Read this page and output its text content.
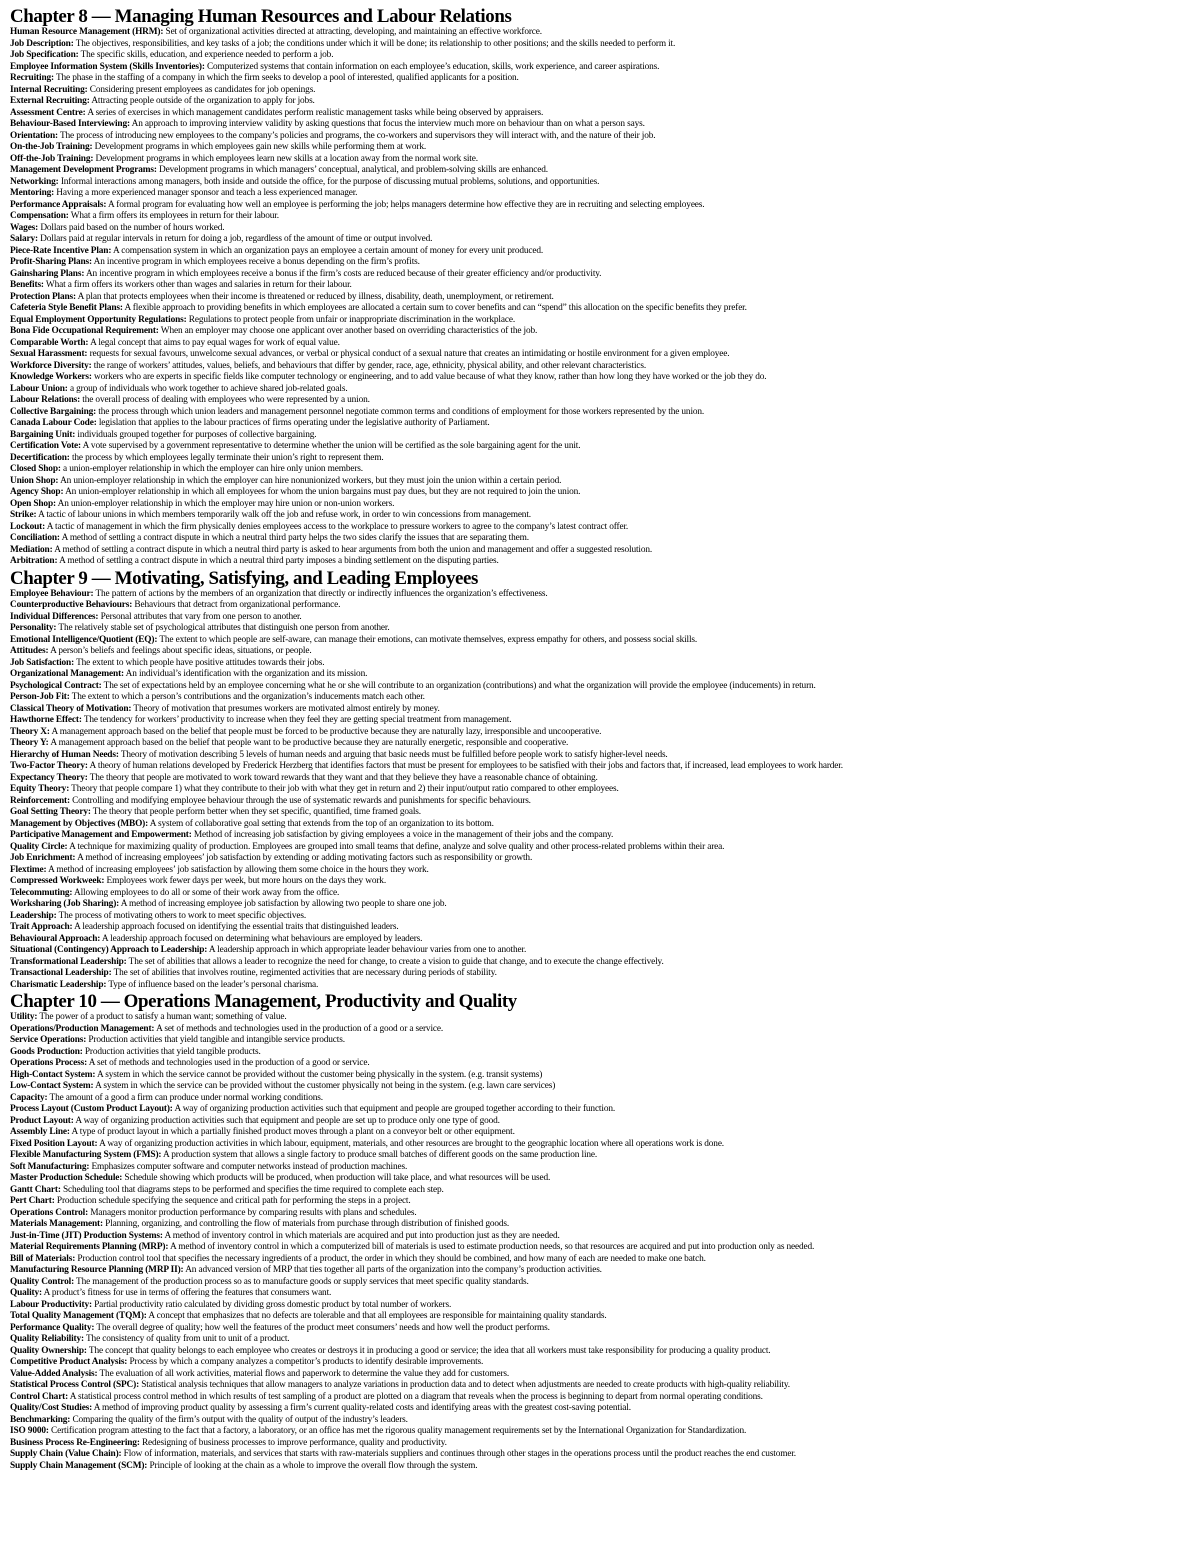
Chapter 8 — Managing Human Resources and Labour Relations
Human Resource Management (HRM): Set of organizational activities directed at attracting, developing, and maintaining an effective workforce.
Job Description: The objectives, responsibilities, and key tasks of a job; the conditions under which it will be done; its relationship to other positions; and the skills needed to perform it.
Job Specification: The specific skills, education, and experience needed to perform a job.
Employee Information System (Skills Inventories): Computerized systems that contain information on each employee’s education, skills, work experience, and career aspirations.
Recruiting: The phase in the staffing of a company in which the firm seeks to develop a pool of interested, qualified applicants for a position.
Internal Recruiting: Considering present employees as candidates for job openings.
External Recruiting: Attracting people outside of the organization to apply for jobs.
Assessment Centre: A series of exercises in which management candidates perform realistic management tasks while being observed by appraisers.
Behaviour-Based Interviewing: An approach to improving interview validity by asking questions that focus the interview much more on behaviour than on what a person says.
Orientation: The process of introducing new employees to the company’s policies and programs, the co-workers and supervisors they will interact with, and the nature of their job.
On-the-Job Training: Development programs in which employees gain new skills while performing them at work.
Off-the-Job Training: Development programs in which employees learn new skills at a location away from the normal work site.
Management Development Programs: Development programs in which managers’ conceptual, analytical, and problem-solving skills are enhanced.
Networking: Informal interactions among managers, both inside and outside the office, for the purpose of discussing mutual problems, solutions, and opportunities.
Mentoring: Having a more experienced manager sponsor and teach a less experienced manager.
Performance Appraisals: A formal program for evaluating how well an employee is performing the job; helps managers determine how effective they are in recruiting and selecting employees.
Compensation: What a firm offers its employees in return for their labour.
Wages: Dollars paid based on the number of hours worked.
Salary: Dollars paid at regular intervals in return for doing a job, regardless of the amount of time or output involved.
Piece-Rate Incentive Plan: A compensation system in which an organization pays an employee a certain amount of money for every unit produced.
Profit-Sharing Plans: An incentive program in which employees receive a bonus depending on the firm’s profits.
Gainsharing Plans: An incentive program in which employees receive a bonus if the firm’s costs are reduced because of their greater efficiency and/or productivity.
Benefits: What a firm offers its workers other than wages and salaries in return for their labour.
Protection Plans: A plan that protects employees when their income is threatened or reduced by illness, disability, death, unemployment, or retirement.
Cafeteria Style Benefit Plans: A flexible approach to providing benefits in which employees are allocated a certain sum to cover benefits and can “spend” this allocation on the specific benefits they prefer.
Equal Employment Opportunity Regulations: Regulations to protect people from unfair or inappropriate discrimination in the workplace.
Bona Fide Occupational Requirement: When an employer may choose one applicant over another based on overriding characteristics of the job.
Comparable Worth: A legal concept that aims to pay equal wages for work of equal value.
Sexual Harassment: requests for sexual favours, unwelcome sexual advances, or verbal or physical conduct of a sexual nature that creates an intimidating or hostile environment for a given employee.
Workforce Diversity: the range of workers’ attitudes, values, beliefs, and behaviours that differ by gender, race, age, ethnicity, physical ability, and other relevant characteristics.
Knowledge Workers: workers who are experts in specific fields like computer technology or engineering, and to add value because of what they know, rather than how long they have worked or the job they do.
Labour Union: a group of individuals who work together to achieve shared job-related goals.
Labour Relations: the overall process of dealing with employees who were represented by a union.
Collective Bargaining: the process through which union leaders and management personnel negotiate common terms and conditions of employment for those workers represented by the union.
Canada Labour Code: legislation that applies to the labour practices of firms operating under the legislative authority of Parliament.
Bargaining Unit: individuals grouped together for purposes of collective bargaining.
Certification Vote: A vote supervised by a government representative to determine whether the union will be certified as the sole bargaining agent for the unit.
Decertification: the process by which employees legally terminate their union’s right to represent them.
Closed Shop: a union-employer relationship in which the employer can hire only union members.
Union Shop: An union-employer relationship in which the employer can hire nonunionized workers, but they must join the union within a certain period.
Agency Shop: An union-employer relationship in which all employees for whom the union bargains must pay dues, but they are not required to join the union.
Open Shop: An union-employer relationship in which the employer may hire union or non-union workers.
Strike: A tactic of labour unions in which members temporarily walk off the job and refuse work, in order to win concessions from management.
Lockout: A tactic of management in which the firm physically denies employees access to the workplace to pressure workers to agree to the company’s latest contract offer.
Conciliation: A method of settling a contract dispute in which a neutral third party helps the two sides clarify the issues that are separating them.
Mediation: A method of settling a contract dispute in which a neutral third party is asked to hear arguments from both the union and management and offer a suggested resolution.
Arbitration: A method of settling a contract dispute in which a neutral third party imposes a binding settlement on the disputing parties.
Chapter 9 — Motivating, Satisfying, and Leading Employees
Employee Behaviour: The pattern of actions by the members of an organization that directly or indirectly influences the organization’s effectiveness.
Counterproductive Behaviours: Behaviours that detract from organizational performance.
Individual Differences: Personal attributes that vary from one person to another.
Personality: The relatively stable set of psychological attributes that distinguish one person from another.
Emotional Intelligence/Quotient (EQ): The extent to which people are self-aware, can manage their emotions, can motivate themselves, express empathy for others, and possess social skills.
Attitudes: A person’s beliefs and feelings about specific ideas, situations, or people.
Job Satisfaction: The extent to which people have positive attitudes towards their jobs.
Organizational Management: An individual’s identification with the organization and its mission.
Psychological Contract: The set of expectations held by an employee concerning what he or she will contribute to an organization (contributions) and what the organization will provide the employee (inducements) in return.
Person-Job Fit: The extent to which a person’s contributions and the organization’s inducements match each other.
Classical Theory of Motivation: Theory of motivation that presumes workers are motivated almost entirely by money.
Hawthorne Effect: The tendency for workers’ productivity to increase when they feel they are getting special treatment from management.
Theory X: A management approach based on the belief that people must be forced to be productive because they are naturally lazy, irresponsible and uncooperative.
Theory Y: A management approach based on the belief that people want to be productive because they are naturally energetic, responsible and cooperative.
Hierarchy of Human Needs: Theory of motivation describing 5 levels of human needs and arguing that basic needs must be fulfilled before people work to satisfy higher-level needs.
Two-Factor Theory: A theory of human relations developed by Frederick Herzberg that identifies factors that must be present for employees to be satisfied with their jobs and factors that, if increased, lead employees to work harder.
Expectancy Theory: The theory that people are motivated to work toward rewards that they want and that they believe they have a reasonable chance of obtaining.
Equity Theory: Theory that people compare 1) what they contribute to their job with what they get in return and 2) their input/output ratio compared to other employees.
Reinforcement: Controlling and modifying employee behaviour through the use of systematic rewards and punishments for specific behaviours.
Goal Setting Theory: The theory that people perform better when they set specific, quantified, time framed goals.
Management by Objectives (MBO): A system of collaborative goal setting that extends from the top of an organization to its bottom.
Participative Management and Empowerment: Method of increasing job satisfaction by giving employees a voice in the management of their jobs and the company.
Quality Circle: A technique for maximizing quality of production. Employees are grouped into small teams that define, analyze and solve quality and other process-related problems within their area.
Job Enrichment: A method of increasing employees’ job satisfaction by extending or adding motivating factors such as responsibility or growth.
Flextime: A method of increasing employees’ job satisfaction by allowing them some choice in the hours they work.
Compressed Workweek: Employees work fewer days per week, but more hours on the days they work.
Telecommuting: Allowing employees to do all or some of their work away from the office.
Worksharing (Job Sharing): A method of increasing employee job satisfaction by allowing two people to share one job.
Leadership: The process of motivating others to work to meet specific objectives.
Trait Approach: A leadership approach focused on identifying the essential traits that distinguished leaders.
Behavioural Approach: A leadership approach focused on determining what behaviours are employed by leaders.
Situational (Contingency) Approach to Leadership: A leadership approach in which appropriate leader behaviour varies from one to another.
Transformational Leadership: The set of abilities that allows a leader to recognize the need for change, to create a vision to guide that change, and to execute the change effectively.
Transactional Leadership: The set of abilities that involves routine, regimented activities that are necessary during periods of stability.
Charismatic Leadership: Type of influence based on the leader’s personal charisma.
Chapter 10 — Operations Management, Productivity and Quality
Utility: The power of a product to satisfy a human want; something of value.
Operations/Production Management: A set of methods and technologies used in the production of a good or a service.
Service Operations: Production activities that yield tangible and intangible service products.
Goods Production: Production activities that yield tangible products.
Operations Process: A set of methods and technologies used in the production of a good or service.
High-Contact System: A system in which the service cannot be provided without the customer being physically in the system. (e.g. transit systems)
Low-Contact System: A system in which the service can be provided without the customer physically not being in the system. (e.g. lawn care services)
Capacity: The amount of a good a firm can produce under normal working conditions.
Process Layout (Custom Product Layout): A way of organizing production activities such that equipment and people are grouped together according to their function.
Product Layout: A way of organizing production activities such that equipment and people are set up to produce only one type of good.
Assembly Line: A type of product layout in which a partially finished product moves through a plant on a conveyor belt or other equipment.
Fixed Position Layout: A way of organizing production activities in which labour, equipment, materials, and other resources are brought to the geographic location where all operations work is done.
Flexible Manufacturing System (FMS): A production system that allows a single factory to produce small batches of different goods on the same production line.
Soft Manufacturing: Emphasizes computer software and computer networks instead of production machines.
Master Production Schedule: Schedule showing which products will be produced, when production will take place, and what resources will be used.
Gantt Chart: Scheduling tool that diagrams steps to be performed and specifies the time required to complete each step.
Pert Chart: Production schedule specifying the sequence and critical path for performing the steps in a project.
Operations Control: Managers monitor production performance by comparing results with plans and schedules.
Materials Management: Planning, organizing, and controlling the flow of materials from purchase through distribution of finished goods.
Just-in-Time (JIT) Production Systems: A method of inventory control in which materials are acquired and put into production just as they are needed.
Material Requirements Planning (MRP): A method of inventory control in which a computerized bill of materials is used to estimate production needs, so that resources are acquired and put into production only as needed.
Bill of Materials: Production control tool that specifies the necessary ingredients of a product, the order in which they should be combined, and how many of each are needed to make one batch.
Manufacturing Resource Planning (MRP II): An advanced version of MRP that ties together all parts of the organization into the company’s production activities.
Quality Control: The management of the production process so as to manufacture goods or supply services that meet specific quality standards.
Quality: A product’s fitness for use in terms of offering the features that consumers want.
Labour Productivity: Partial productivity ratio calculated by dividing gross domestic product by total number of workers.
Total Quality Management (TQM): A concept that emphasizes that no defects are tolerable and that all employees are responsible for maintaining quality standards.
Performance Quality: The overall degree of quality; how well the features of the product meet consumers’ needs and how well the product performs.
Quality Reliability: The consistency of quality from unit to unit of a product.
Quality Ownership: The concept that quality belongs to each employee who creates or destroys it in producing a good or service; the idea that all workers must take responsibility for producing a quality product.
Competitive Product Analysis: Process by which a company analyzes a competitor’s products to identify desirable improvements.
Value-Added Analysis: The evaluation of all work activities, material flows and paperwork to determine the value they add for customers.
Statistical Process Control (SPC): Statistical analysis techniques that allow managers to analyze variations in production data and to detect when adjustments are needed to create products with high-quality reliability.
Control Chart: A statistical process control method in which results of test sampling of a product are plotted on a diagram that reveals when the process is beginning to depart from normal operating conditions.
Quality/Cost Studies: A method of improving product quality by assessing a firm’s current quality-related costs and identifying areas with the greatest cost-saving potential.
Benchmarking: Comparing the quality of the firm’s output with the quality of output of the industry’s leaders.
ISO 9000: Certification program attesting to the fact that a factory, a laboratory, or an office has met the rigorous quality management requirements set by the International Organization for Standardization.
Business Process Re-Engineering: Redesigning of business processes to improve performance, quality and productivity.
Supply Chain (Value Chain): Flow of information, materials, and services that starts with raw-materials suppliers and continues through other stages in the operations process until the product reaches the end customer.
Supply Chain Management (SCM): Principle of looking at the chain as a whole to improve the overall flow through the system.
